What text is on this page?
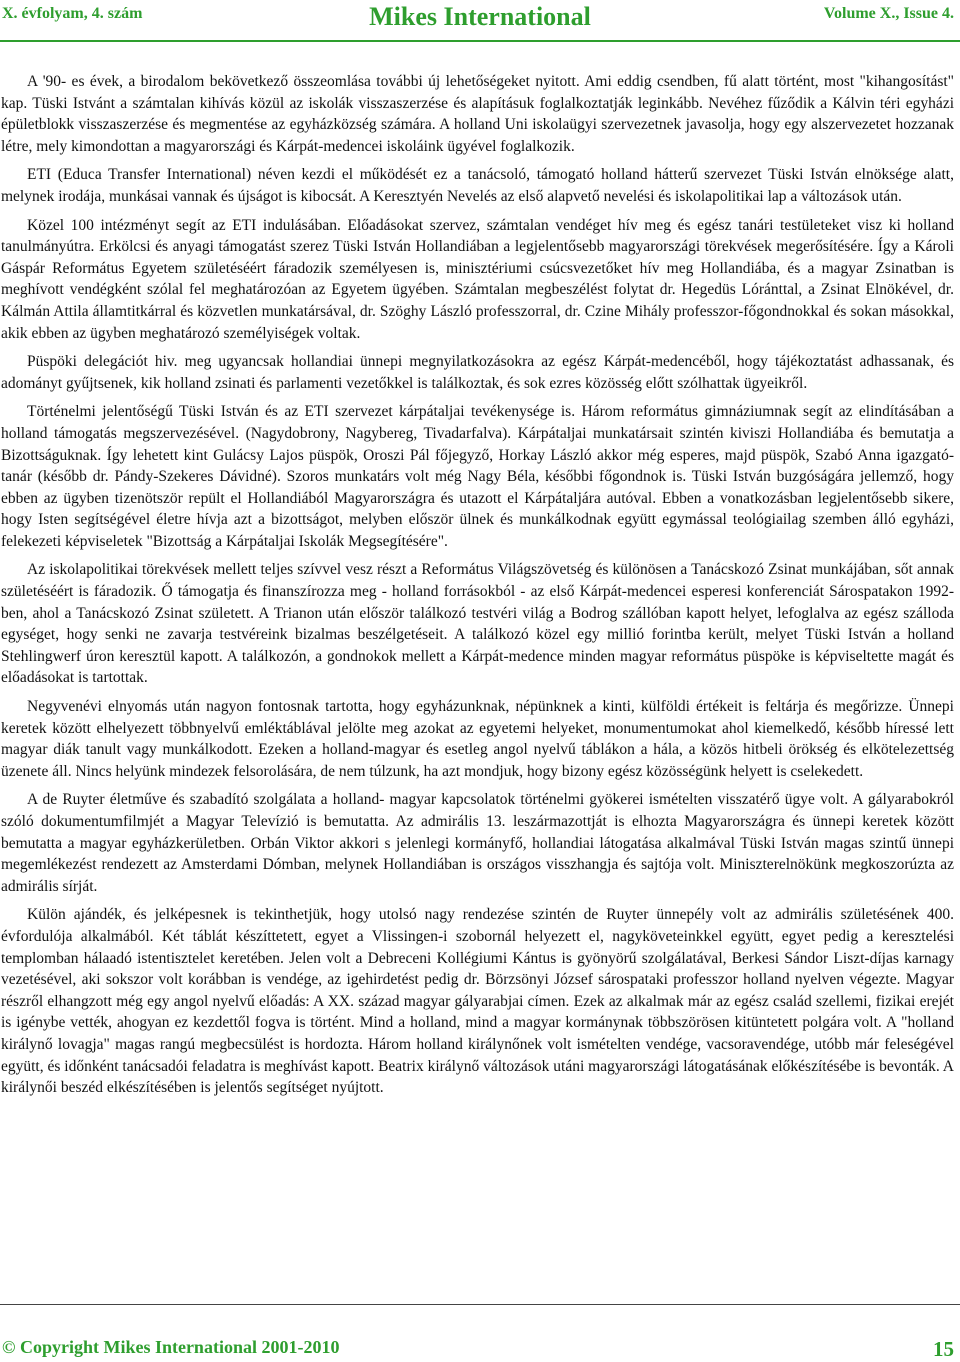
X. évfolyam, 4. szám	Mikes International	Volume X., Issue 4.

A '90- es évek, a birodalom bekövetkező összeomlása további új lehetőségeket nyitott. Ami eddig csendben, fű alatt történt, most "kihangosítást" kap. Tüski Istvánt a számtalan kihívás közül az iskolák visszaszerzése és alapításuk foglalkoztatják leginkább. Nevéhez fűződik a Kálvin téri egyházi épületblokk visszaszerzése és megmentése az egyházközség számára. A holland Uni iskolaügyi szervezetnek javasolja, hogy egy alszervezetet hozzanak létre, mely kimondottan a magyarországi és Kárpát-medencei iskoláink ügyével foglalkozik.

ETI (Educa Transfer International) néven kezdi el működését ez a tanácsoló, támogató holland hátterű szervezet Tüski István elnöksége alatt, melynek irodája, munkásai vannak és újságot is kibocsát. A Keresztyén Nevelés az első alapvető nevelési és iskolapolitikai lap a változások után.

Közel 100 intézményt segít az ETI indulásában. Előadásokat szervez, számtalan vendéget hív meg és egész tanári testületeket visz ki holland tanulmányútra. Erkölcsi és anyagi támogatást szerez Tüski István Hollandiában a legjelentősebb magyarországi törekvések megerősítésére. Így a Károli Gáspár Református Egyetem születéséért fáradozik személyesen is, minisztériumi csúcsvezetőket hív meg Hollandiába, és a magyar Zsinatban is meghívott vendégként szólal fel meghatározóan az Egyetem ügyében. Számtalan megbeszélést folytat dr. Hegedüs Lóránttal, a Zsinat Elnökével, dr. Kálmán Attila államtitkárral és közvetlen munkatársával, dr. Szöghy László professzorral, dr. Czine Mihály professzor-főgondnokkal és sokan másokkal, akik ebben az ügyben meghatározó személyiségek voltak.

Püspöki delegációt hiv. meg ugyancsak hollandiai ünnepi megnyilatkozásokra az egész Kárpát-medencéből, hogy tájékoztatást adhassanak, és adományt gyűjtsenek, kik holland zsinati és parlamenti vezetőkkel is találkoztak, és sok ezres közösség előtt szólhattak ügyeikről.

Történelmi jelentőségű Tüski István és az ETI szervezet kárpátaljai tevékenysége is. Három református gimnáziumnak segít az elindításában a holland támogatás megszervezésével. (Nagydobrony, Nagybereg, Tivadarfalva). Kárpátaljai munkatársait szintén kiviszi Hollandiába és bemutatja a Bizottságuknak. Így lehetett kint Gulácsy Lajos püspök, Oroszi Pál főjegyző, Horkay László akkor még esperes, majd püspök, Szabó Anna igazgató-tanár (később dr. Pándy-Szekeres Dávidné). Szoros munkatárs volt még Nagy Béla, későbbi főgondnok is. Tüski István buzgóságára jellemző, hogy ebben az ügyben tizenötször repült el Hollandiából Magyarországra és utazott el Kárpátaljára autóval. Ebben a vonatkozásban legjelentősebb sikere, hogy Isten segítségével életre hívja azt a bizottságot, melyben először ülnek és munkálkodnak együtt egymással teológiailag szemben álló egyházi, felekezeti képviseletek "Bizottság a Kárpátaljai Iskolák Megsegítésére".

Az iskolapolitikai törekvések mellett teljes szívvel vesz részt a Református Világszövetség és különösen a Tanácskozó Zsinat munkájában, sőt annak születéséért is fáradozik. Ő támogatja és finanszírozza meg - holland forrásokból - az első Kárpát-medencei esperesi konferenciát Sárospatakon 1992-ben, ahol a Tanácskozó Zsinat született. A Trianon után először találkozó testvéri világ a Bodrog szállóban kapott helyet, lefoglalva az egész szálloda egységet, hogy senki ne zavarja testvéreink bizalmas beszélgetéseit. A találkozó közel egy millió forintba került, melyet Tüski István a holland Stehlingwerf úron keresztül kapott. A találkozón, a gondnokok mellett a Kárpát-medence minden magyar református püspöke is képviseltette magát és előadásokat is tartottak.

Negyvenévi elnyomás után nagyon fontosnak tartotta, hogy egyházunknak, népünknek a kinti, külföldi értékeit is feltárja és megőrizze. Ünnepi keretek között elhelyezett többnyelvű emléktáblával jelölte meg azokat az egyetemi helyeket, monumentumokat ahol kiemelkedő, később híressé lett magyar diák tanult vagy munkálkodott. Ezeken a holland-magyar és esetleg angol nyelvű táblákon a hála, a közös hitbeli örökség és elkötelezettség üzenete áll. Nincs helyünk mindezek felsorolására, de nem túlzunk, ha azt mondjuk, hogy bizony egész közösségünk helyett is cselekedett.

A de Ruyter életműve és szabadító szolgálata a holland- magyar kapcsolatok történelmi gyökerei ismételten visszatérő ügye volt. A gályarabokról szóló dokumentumfilmjét a Magyar Televízió is bemutatta. Az admirális 13. leszármazottját is elhozta Magyarországra és ünnepi keretek között bemutatta a magyar egyházkerületben. Orbán Viktor akkori s jelenlegi kormányfő, hollandiai látogatása alkalmával Tüski István magas szintű ünnepi megemlékezést rendezett az Amsterdami Dómban, melynek Hollandiában is országos visszhangja és sajtója volt. Miniszterelnökünk megkoszorúzta az admirális sírját.

Külön ajándék, és jelképesnek is tekinthetjük, hogy utolsó nagy rendezése szintén de Ruyter ünnepély volt az admirális születésének 400. évfordulója alkalmából. Két táblát készíttetett, egyet a Vlissingen-i szobornál helyezett el, nagyköveteinkkel együtt, egyet pedig a keresztelési templomban hálaadó istentisztelet keretében. Jelen volt a Debreceni Kollégiumi Kántus is gyönyörű szolgálatával, Berkesi Sándor Liszt-díjas karnagy vezetésével, aki sokszor volt korábban is vendége, az igehirdetést pedig dr. Börzsönyi József sárospataki professzor holland nyelven végezte. Magyar részről elhangzott még egy angol nyelvű előadás: A XX. század magyar gályarabjai címen. Ezek az alkalmak már az egész család szellemi, fizikai erejét is igénybe vették, ahogyan ez kezdettől fogva is történt. Mind a holland, mind a magyar kormánynak többszörösen kitüntetett polgára volt. A "holland királynő lovagja" magas rangú megbecsülést is hordozta. Három holland királynőnek volt ismételten vendége, vacsoravendége, utóbb már feleségével együtt, és időnként tanácsadói feladatra is meghívást kapott. Beatrix királynő változások utáni magyarországi látogatásának előkészítésébe is bevonták. A királynői beszéd elkészítésében is jelentős segítséget nyújtott.

© Copyright Mikes International 2001-2010	15
